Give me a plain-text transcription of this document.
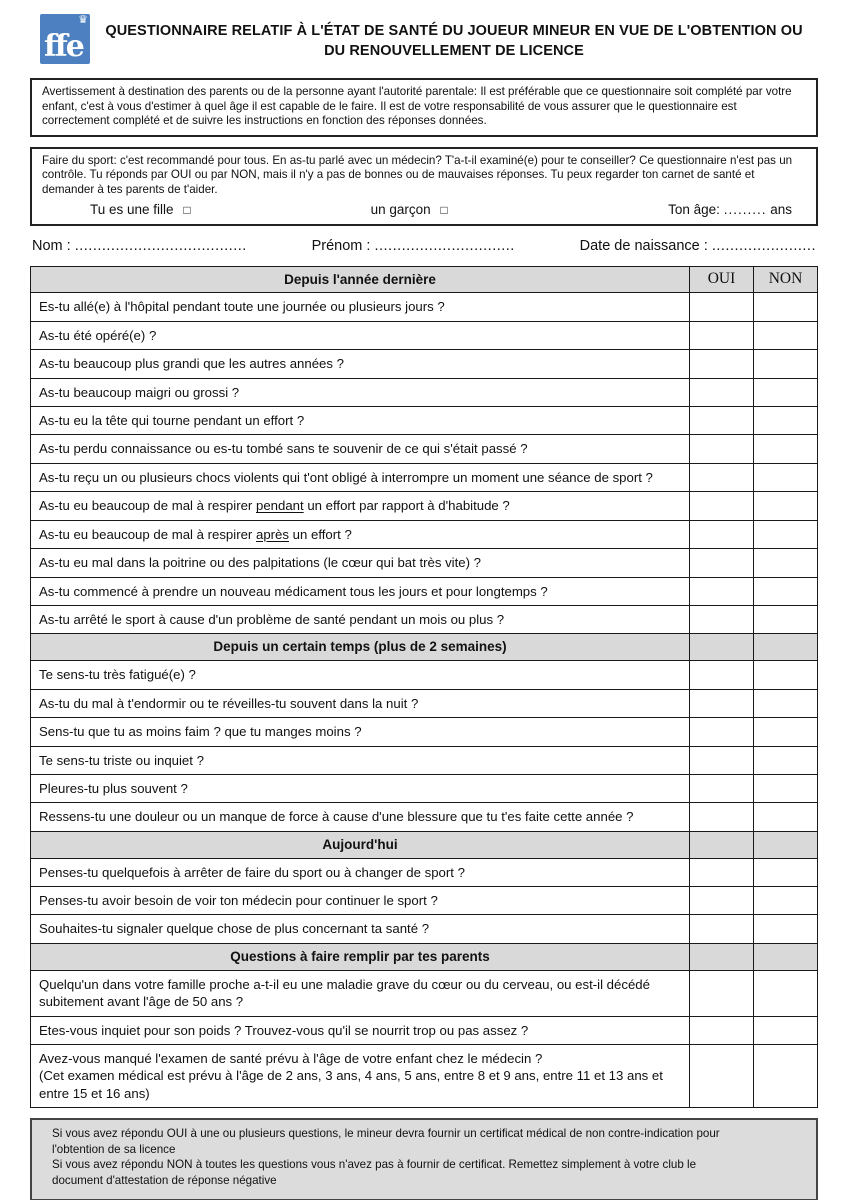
ffe
♛
QUESTIONNAIRE RELATIF À L'ÉTAT DE SANTÉ DU JOUEUR MINEUR EN VUE DE L'OBTENTION OU DU RENOUVELLEMENT DE LICENCE

Avertissement à destination des parents ou de la personne ayant l'autorité parentale: Il est préférable que ce questionnaire soit complété par votre enfant, c'est à vous d'estimer à quel âge il est capable de le faire. Il est de votre responsabilité de vous assurer que le questionnaire est correctement complété et de suivre les instructions en fonction des réponses données.

Faire du sport: c'est recommandé pour tous. En as-tu parlé avec un médecin? T'a-t-il examiné(e) pour te conseiller? Ce questionnaire n'est pas un contrôle. Tu réponds par OUI ou par NON, mais il n'y a pas de bonnes ou de mauvaises réponses. Tu peux regarder ton carnet de santé et demander à tes parents de t'aider.

Tu es une fille □	un garçon □	Ton âge: ......... ans
Nom : ......................................	Prénom : ...............................	Date de naissance : .......................
Depuis l'année dernière	OUI	NON
Es-tu allé(e) à l'hôpital pendant toute une journée ou plusieurs jours ?		
As-tu été opéré(e) ?		
As-tu beaucoup plus grandi que les autres années ?		
As-tu beaucoup maigri ou grossi ?		
As-tu eu la tête qui tourne pendant un effort ?		
As-tu perdu connaissance ou es-tu tombé sans te souvenir de ce qui s'était passé ?		
As-tu reçu un ou plusieurs chocs violents qui t'ont obligé à interrompre un moment une séance de sport ?		
As-tu eu beaucoup de mal à respirer pendant un effort par rapport à d'habitude ?		
As-tu eu beaucoup de mal à respirer après un effort ?		
As-tu eu mal dans la poitrine ou des palpitations (le cœur qui bat très vite) ?		
As-tu commencé à prendre un nouveau médicament tous les jours et pour longtemps ?		
As-tu arrêté le sport à cause d'un problème de santé pendant un mois ou plus ?		
Depuis un certain temps (plus de 2 semaines)		
Te sens-tu très fatigué(e) ?		
As-tu du mal à t'endormir ou te réveilles-tu souvent dans la nuit ?		
Sens-tu que tu as moins faim ? que tu manges moins ?		
Te sens-tu triste ou inquiet ?		
Pleures-tu plus souvent ?		
Ressens-tu une douleur ou un manque de force à cause d'une blessure que tu t'es faite cette année ?		
Aujourd'hui		
Penses-tu quelquefois à arrêter de faire du sport ou à changer de sport ?		
Penses-tu avoir besoin de voir ton médecin pour continuer le sport ?		
Souhaites-tu signaler quelque chose de plus concernant ta santé ?		
Questions à faire remplir par tes parents		
Quelqu'un dans votre famille proche a-t-il eu une maladie grave du cœur ou du cerveau, ou est-il décédé subitement avant l'âge de 50 ans ?		
Etes-vous inquiet pour son poids ? Trouvez-vous qu'il se nourrit trop ou pas assez ?		
Avez-vous manqué l'examen de santé prévu à l'âge de votre enfant chez le médecin ?
(Cet examen médical est prévu à l'âge de 2 ans, 3 ans, 4 ans, 5 ans, entre 8 et 9 ans, entre 11 et 13 ans et entre 15 et 16 ans)		

Si vous avez répondu OUI à une ou plusieurs questions, le mineur devra fournir un certificat médical de non contre-indication pour l'obtention de sa licence

Si vous avez répondu NON à toutes les questions vous n'avez pas à fournir de certificat. Remettez simplement à votre club le document d'attestation de réponse négative
